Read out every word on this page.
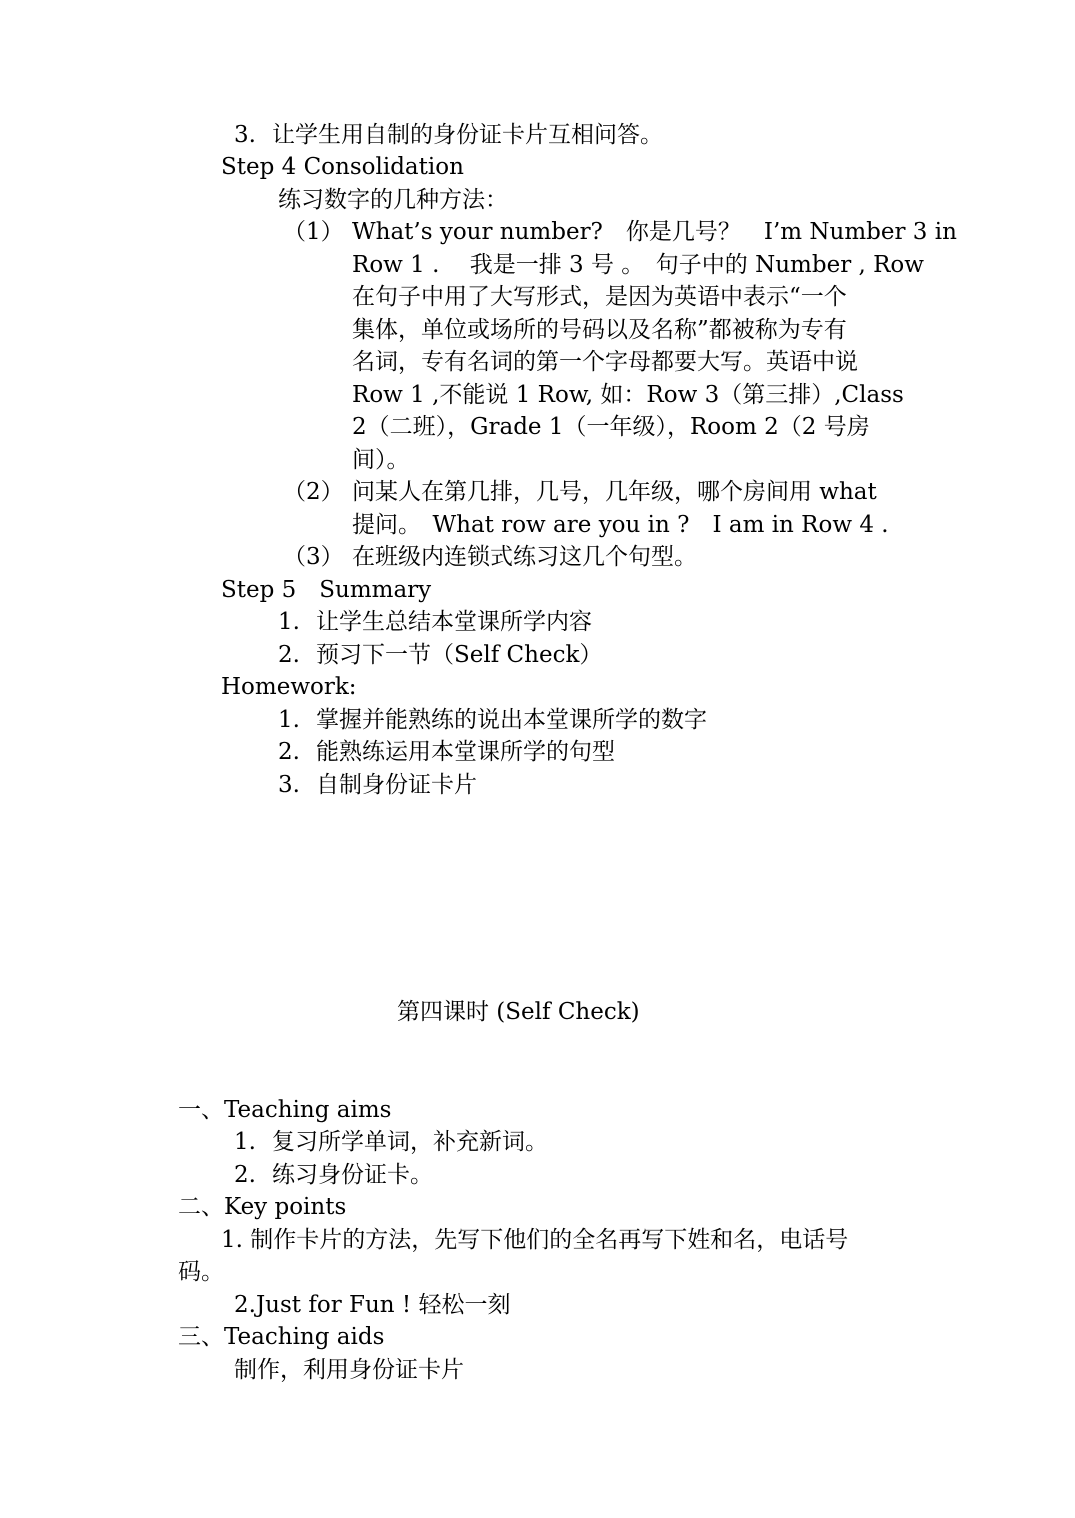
3. 让学生用自制的身份证卡片互相问答。
Step 4 Consolidation
练习数字的几种方法：
（1） What’s your number?　你是几号？　I’m Number 3 in
Row 1 .　 我是一排 3 号 。　句子中的 Number , Row
在句子中用了大写形式，是因为英语中表示“一个
集体，单位或场所的号码以及名称”都被称为专有
名词，专有名词的第一个字母都要大写。英语中说
Row 1 ,不能说 1 Row, 如：Row 3（第三排）,Class
2（二班），Grade 1（一年级），Room 2（2 号房
间）。
（2） 问某人在第几排，几号，几年级，哪个房间用 what
提问。　What row are you in ?　I am in Row 4 .
（3） 在班级内连锁式练习这几个句型。
Step 5　Summary
1. 让学生总结本堂课所学内容
2. 预习下一节（Self Check）
Homework:
1. 掌握并能熟练的说出本堂课所学的数字
2. 能熟练运用本堂课所学的句型
3. 自制身份证卡片
第四课时 (Self Check)
一、Teaching aims
1. 复习所学单词，补充新词。
2. 练习身份证卡。
二、Key points
1. 制作卡片的方法，先写下他们的全名再写下姓和名，电话号
码。
2.Just for Fun ! 轻松一刻
三、Teaching aids
制作，利用身份证卡片
